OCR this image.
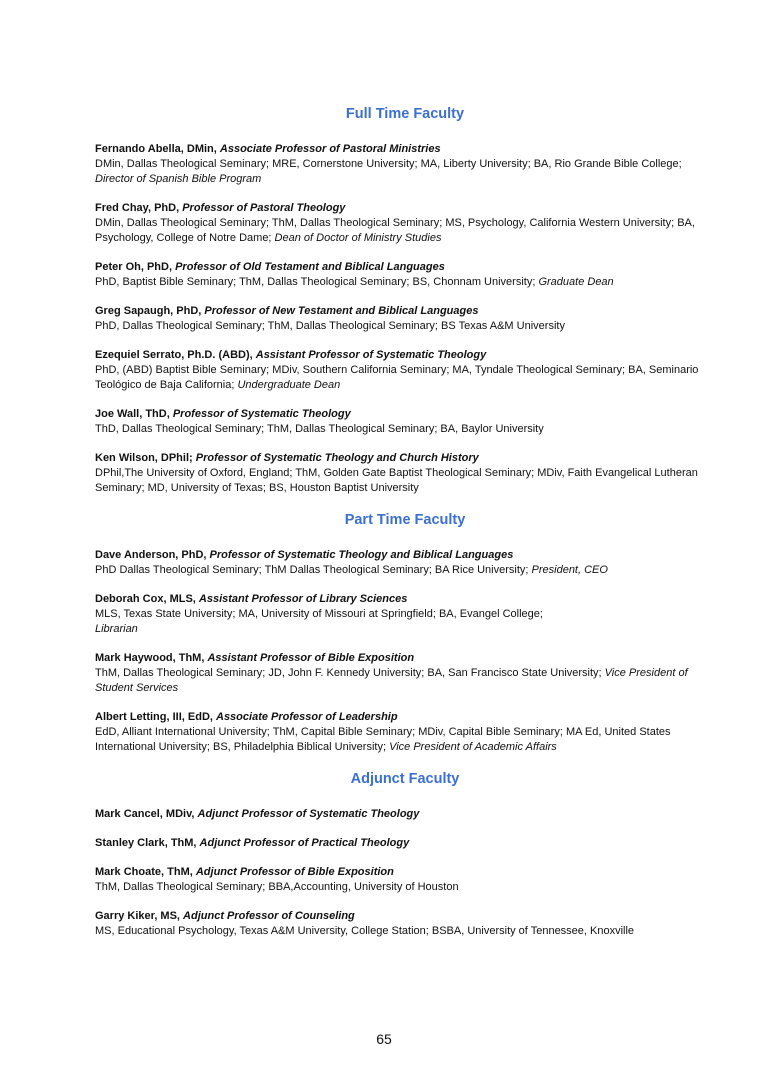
Full Time Faculty
Fernando Abella, DMin, Associate Professor of Pastoral Ministries
DMin, Dallas Theological Seminary; MRE, Cornerstone University; MA, Liberty University; BA, Rio Grande Bible College; Director of Spanish Bible Program
Fred Chay, PhD, Professor of Pastoral Theology
DMin, Dallas Theological Seminary; ThM, Dallas Theological Seminary; MS, Psychology, California Western University; BA, Psychology, College of Notre Dame; Dean of Doctor of Ministry Studies
Peter Oh, PhD, Professor of Old Testament and Biblical Languages
PhD, Baptist Bible Seminary; ThM, Dallas Theological Seminary; BS, Chonnam University; Graduate Dean
Greg Sapaugh, PhD, Professor of New Testament and Biblical Languages
PhD, Dallas Theological Seminary; ThM, Dallas Theological Seminary; BS Texas A&M University
Ezequiel Serrato, Ph.D. (ABD), Assistant Professor of Systematic Theology
PhD, (ABD) Baptist Bible Seminary; MDiv, Southern California Seminary; MA, Tyndale Theological Seminary; BA, Seminario Teológico de Baja California; Undergraduate Dean
Joe Wall, ThD, Professor of Systematic Theology
ThD, Dallas Theological Seminary; ThM, Dallas Theological Seminary; BA, Baylor University
Ken Wilson, DPhil; Professor of Systematic Theology and Church History
DPhil,The University of Oxford, England; ThM, Golden Gate Baptist Theological Seminary; MDiv, Faith Evangelical Lutheran Seminary; MD, University of Texas; BS, Houston Baptist University
Part Time Faculty
Dave Anderson, PhD, Professor of Systematic Theology and Biblical Languages
PhD Dallas Theological Seminary; ThM Dallas Theological Seminary; BA Rice University; President, CEO
Deborah Cox, MLS, Assistant Professor of Library Sciences
MLS, Texas State University; MA, University of Missouri at Springfield; BA, Evangel College;
Librarian
Mark Haywood, ThM, Assistant Professor of Bible Exposition
ThM, Dallas Theological Seminary; JD, John F. Kennedy University; BA, San Francisco State University; Vice President of Student Services
Albert Letting, III, EdD, Associate Professor of Leadership
EdD, Alliant International University; ThM, Capital Bible Seminary; MDiv, Capital Bible Seminary; MA Ed, United States International University; BS, Philadelphia Biblical University; Vice President of Academic Affairs
Adjunct Faculty
Mark Cancel, MDiv, Adjunct Professor of Systematic Theology
Stanley Clark, ThM, Adjunct Professor of Practical Theology
Mark Choate, ThM, Adjunct Professor of Bible Exposition
ThM, Dallas Theological Seminary; BBA,Accounting, University of Houston
Garry Kiker, MS, Adjunct Professor of Counseling
MS, Educational Psychology, Texas A&M University, College Station; BSBA, University of Tennessee, Knoxville
65
